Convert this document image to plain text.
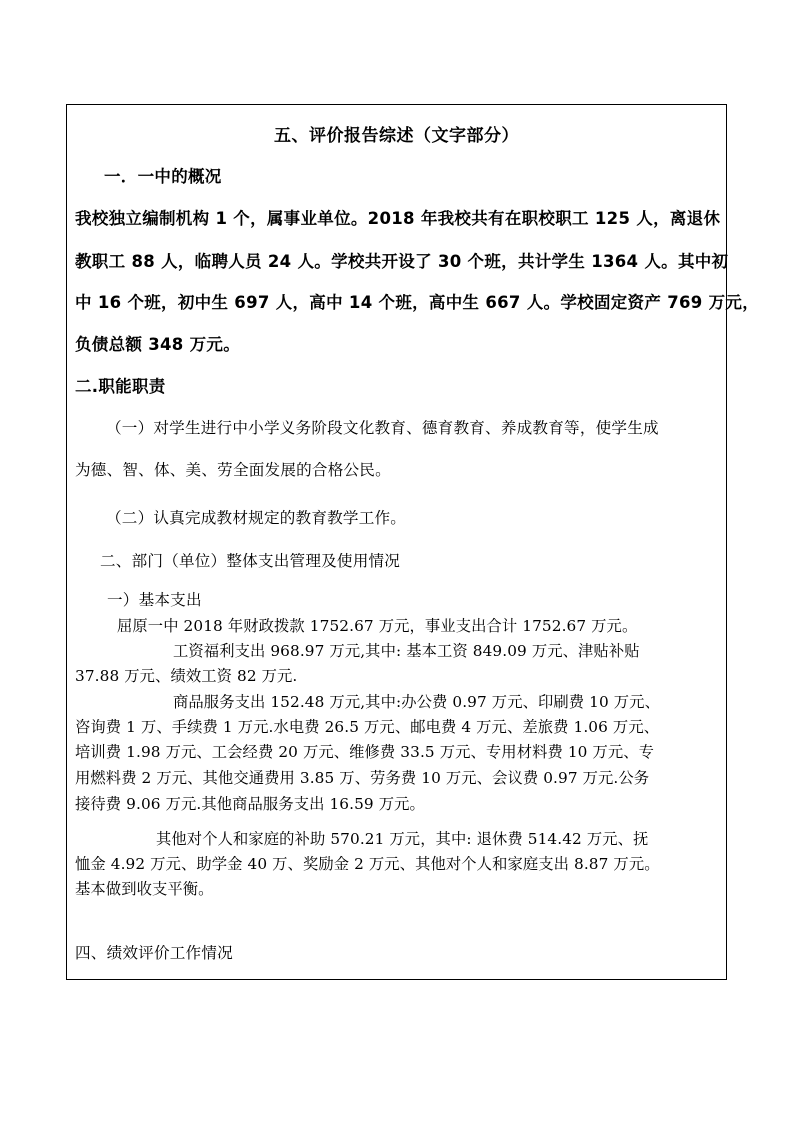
五、评价报告综述（文字部分）
一．一中的概况
我校独立编制机构 1 个，属事业单位。2018 年我校共有在职校职工 125 人，离退休
教职工 88 人，临聘人员 24 人。学校共开设了 30 个班，共计学生 1364 人。其中初
中 16 个班，初中生 697 人，高中 14 个班，高中生 667 人。学校固定资产 769 万元，
负债总额 348 万元。
二.职能职责
（一）对学生进行中小学义务阶段文化教育、德育教育、养成教育等，使学生成
为德、智、体、美、劳全面发展的合格公民。
（二）认真完成教材规定的教育教学工作。
二、部门（单位）整体支出管理及使用情况
一）基本支出
屈原一中 2018 年财政拨款 1752.67 万元，事业支出合计 1752.67 万元。
工资福利支出 968.97 万元,其中: 基本工资 849.09 万元、津贴补贴
37.88 万元、绩效工资 82 万元.
商品服务支出 152.48 万元,其中:办公费 0.97 万元、印刷费 10 万元、
咨询费 1 万、手续费 1 万元.水电费 26.5 万元、邮电费 4 万元、差旅费 1.06 万元、
培训费 1.98 万元、工会经费 20 万元、维修费 33.5 万元、专用材料费 10 万元、专
用燃料费 2 万元、其他交通费用 3.85 万、劳务费 10 万元、会议费 0.97 万元.公务
接待费 9.06 万元.其他商品服务支出 16.59 万元。
其他对个人和家庭的补助 570.21 万元，其中: 退休费 514.42 万元、抚
恤金 4.92 万元、助学金 40 万、奖励金 2 万元、其他对个人和家庭支出 8.87 万元。
基本做到收支平衡。
四、绩效评价工作情况
